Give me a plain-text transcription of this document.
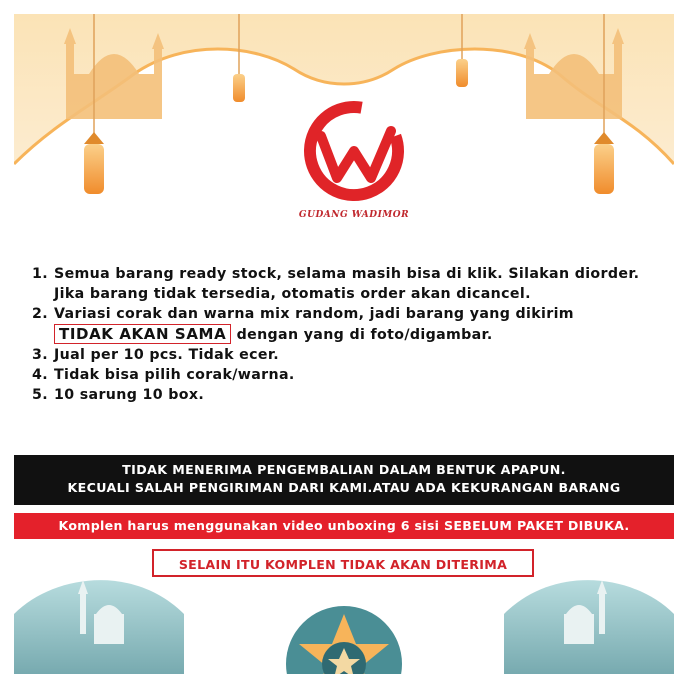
GUDANG WADIMOR
1. Semua barang ready stock, selama masih bisa di klik. Silakan diorder.
Jika barang tidak tersedia, otomatis order akan dicancel.
2. Variasi corak dan warna mix random, jadi barang yang dikirim
TIDAK AKAN SAMA dengan yang di foto/digambar.
3. Jual per 10 pcs. Tidak ecer.
4. Tidak bisa pilih corak/warna.
5. 10 sarung 10 box.
TIDAK MENERIMA PENGEMBALIAN DALAM BENTUK APAPUN.
KECUALI SALAH PENGIRIMAN DARI KAMI.ATAU ADA KEKURANGAN BARANG
Komplen harus menggunakan video unboxing 6 sisi SEBELUM PAKET DIBUKA.
SELAIN ITU KOMPLEN TIDAK AKAN DITERIMA
